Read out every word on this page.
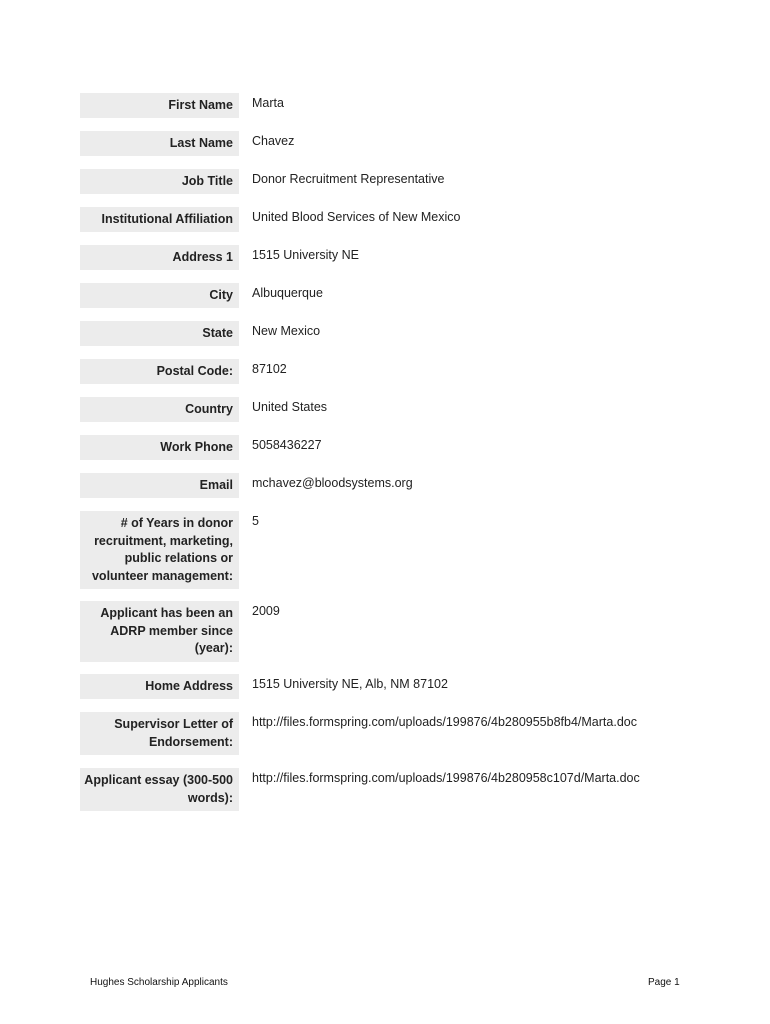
First Name	Marta
Last Name	Chavez
Job Title	Donor Recruitment Representative
Institutional Affiliation	United Blood Services of New Mexico
Address 1	1515 University NE
City	Albuquerque
State	New Mexico
Postal Code:	87102
Country	United States
Work Phone	5058436227
Email	mchavez@bloodsystems.org
# of Years in donor recruitment, marketing, public relations or volunteer management:
5
Applicant has been an ADRP member since (year):
2009
Home Address	1515 University NE, Alb, NM 87102
Supervisor Letter of Endorsement:
http://files.formspring.com/uploads/199876/4b280955b8fb4/Marta.doc
Applicant essay (300-500 words):
http://files.formspring.com/uploads/199876/4b280958c107d/Marta.doc
Hughes Scholarship Applicants	Page 1
